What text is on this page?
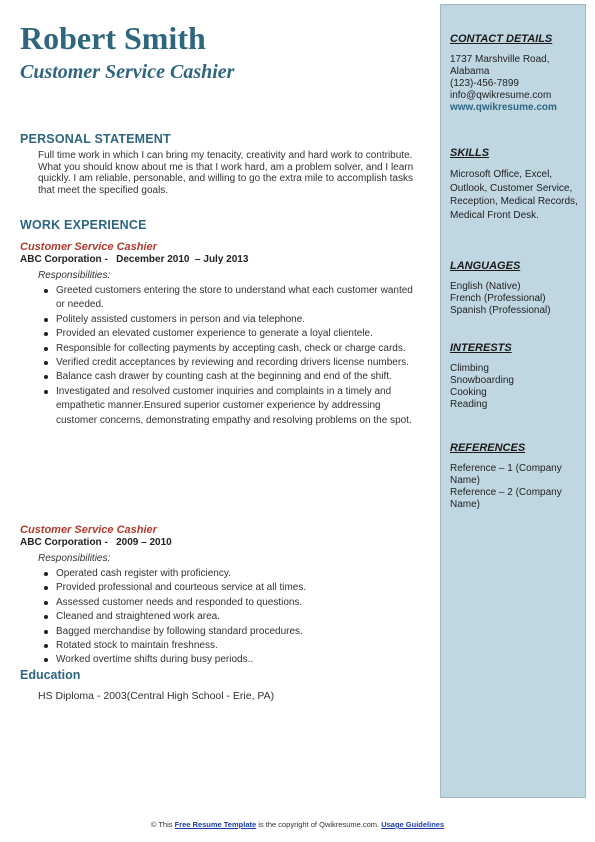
Robert Smith
Customer Service Cashier
PERSONAL STATEMENT
Full time work in which I can bring my tenacity, creativity and hard work to contribute. What you should know about me is that I work hard, am a problem solver, and I learn quickly. I am reliable, personable, and willing to go the extra mile to accomplish tasks that meet the specified goals.
WORK EXPERIENCE
Customer Service Cashier
ABC Corporation -   December 2010  – July 2013
Responsibilities:
Greeted customers entering the store to understand what each customer wanted or needed.
Politely assisted customers in person and via telephone.
Provided an elevated customer experience to generate a loyal clientele.
Responsible for collecting payments by accepting cash, check or charge cards.
Verified credit acceptances by reviewing and recording drivers license numbers.
Balance cash drawer by counting cash at the beginning and end of the shift.
Investigated and resolved customer inquiries and complaints in a timely and empathetic manner.Ensured superior customer experience by addressing customer concerns, demonstrating empathy and resolving problems on the spot.
Customer Service Cashier
ABC Corporation -   2009 – 2010
Responsibilities:
Operated cash register with proficiency.
Provided professional and courteous service at all times.
Assessed customer needs and responded to questions.
Cleaned and straightened work area.
Bagged merchandise by following standard procedures.
Rotated stock to maintain freshness.
Worked overtime shifts during busy periods..
Education
HS Diploma - 2003(Central High School - Erie, PA)
CONTACT DETAILS
1737 Marshville Road,
Alabama
(123)-456-7899
info@qwikresume.com
www.qwikresume.com
SKILLS
Microsoft Office, Excel, Outlook, Customer Service, Reception, Medical Records, Medical Front Desk.
LANGUAGES
English (Native)
French (Professional)
Spanish (Professional)
INTERESTS
Climbing
Snowboarding
Cooking
Reading
REFERENCES
Reference – 1 (Company Name)
Reference – 2 (Company Name)
© This Free Resume Template is the copyright of Qwikresume.com. Usage Guidelines
